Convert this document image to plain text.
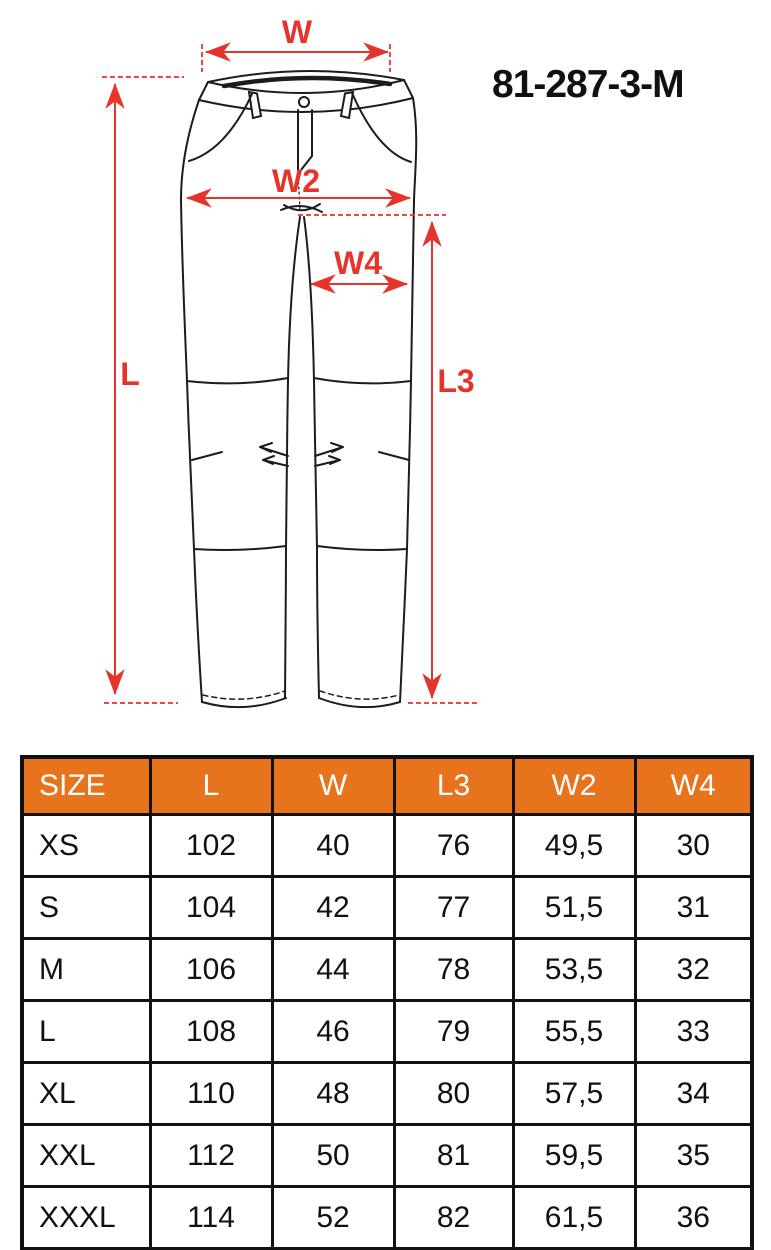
W
L
W2
W4
L3
81-287-3-M
SIZE	L	W	L3	W2	W4
XS	102	40	76	49,5	30
S	104	42	77	51,5	31
M	106	44	78	53,5	32
L	108	46	79	55,5	33
XL	110	48	80	57,5	34
XXL	112	50	81	59,5	35
XXXL	114	52	82	61,5	36
